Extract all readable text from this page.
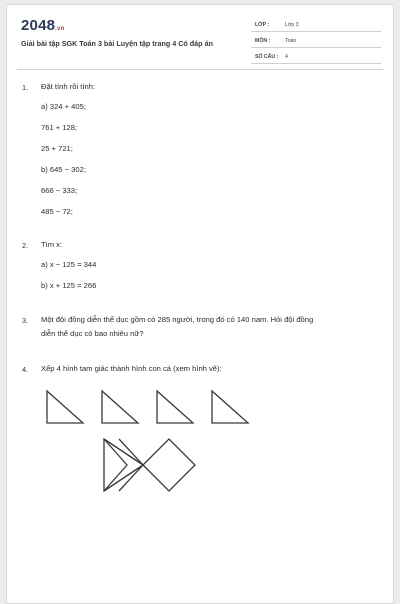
2048.vn
Giải bài tập SGK Toán 3 bài Luyện tập trang 4 Có đáp án
LỚP :	Lớp 3
MÔN :	Toán
SỐ CÂU : 4
1. Đặt tính rồi tính:
a) 324 + 405;
761 + 128;
25 + 721;
b) 645 − 302;
666 − 333;
485 − 72;
2. Tìm x:
a) x − 125 = 344
b) x + 125 = 266
3. Một đội đồng diễn thể dục gồm có 285 người, trong đó có 140 nam. Hỏi đội đồng
diễn thể dục có bao nhiêu nữ?
4. Xếp 4 hình tam giác thành hình con cá (xem hình vẽ):
